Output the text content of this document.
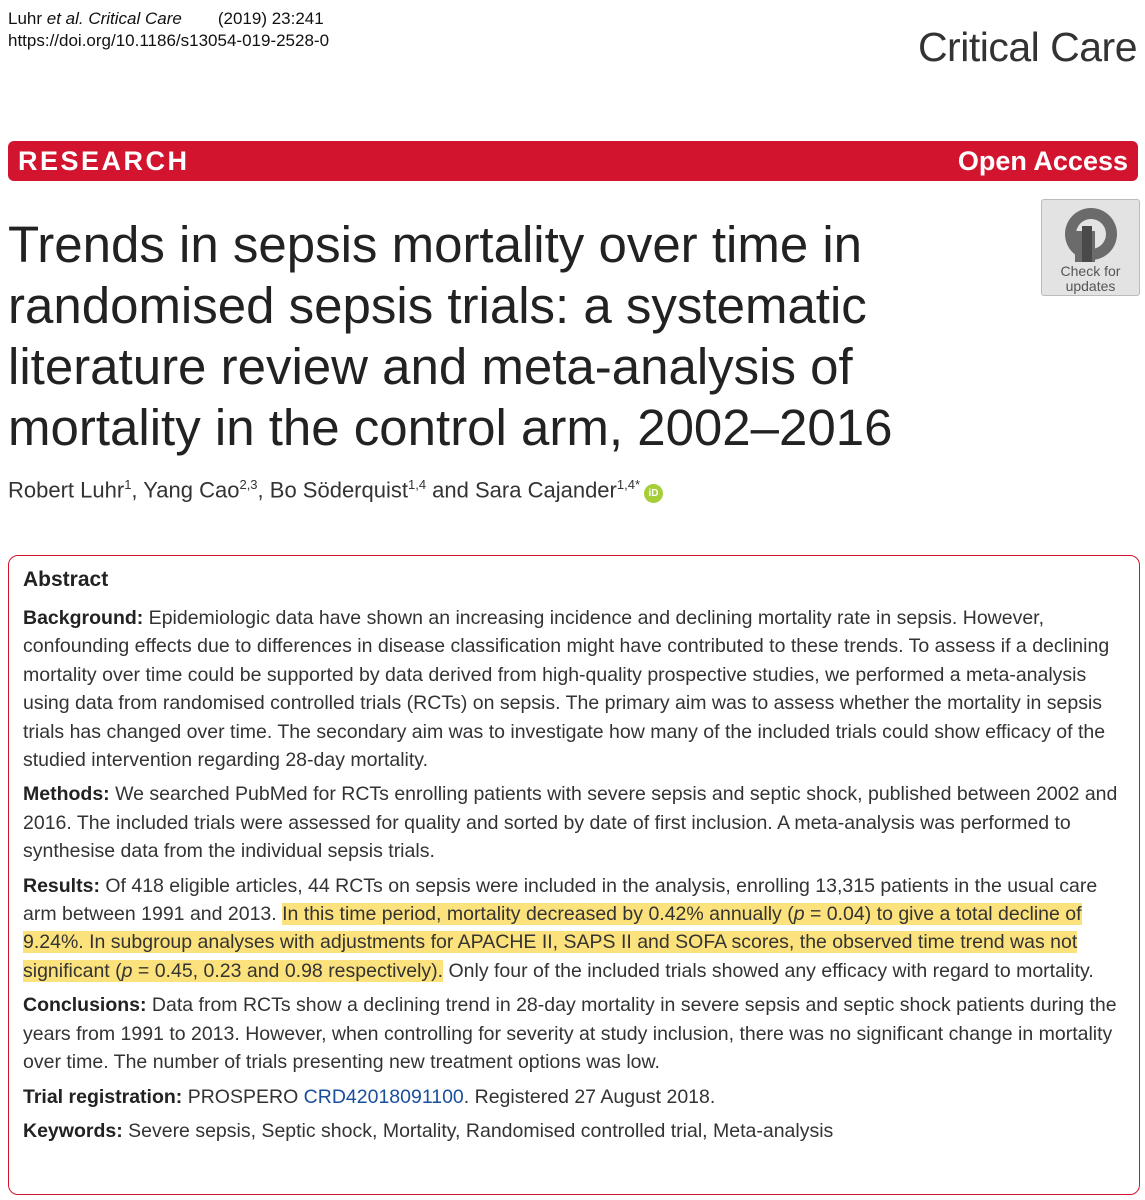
Luhr et al. Critical Care (2019) 23:241
https://doi.org/10.1186/s13054-019-2528-0	Critical Care
RESEARCH	Open Access
Trends in sepsis mortality over time in randomised sepsis trials: a systematic literature review and meta-analysis of mortality in the control arm, 2002–2016
Check for
updates
Robert Luhr$^1$, Yang Cao$^{2,3}$, Bo Söderquist$^{1,4}$ and Sara Cajander$^{1,4*}$iD
Abstract

Background: Epidemiologic data have shown an increasing incidence and declining mortality rate in sepsis. However, confounding effects due to differences in disease classification might have contributed to these trends. To assess if a declining mortality over time could be supported by data derived from high-quality prospective studies, we performed a meta-analysis using data from randomised controlled trials (RCTs) on sepsis. The primary aim was to assess whether the mortality in sepsis trials has changed over time. The secondary aim was to investigate how many of the included trials could show efficacy of the studied intervention regarding 28-day mortality.

Methods: We searched PubMed for RCTs enrolling patients with severe sepsis and septic shock, published between 2002 and 2016. The included trials were assessed for quality and sorted by date of first inclusion. A meta-analysis was performed to synthesise data from the individual sepsis trials.

Results: Of 418 eligible articles, 44 RCTs on sepsis were included in the analysis, enrolling 13,315 patients in the usual care arm between 1991 and 2013. In this time period, mortality decreased by 0.42% annually (p = 0.04) to give a total decline of 9.24%. In subgroup analyses with adjustments for APACHE II, SAPS II and SOFA scores, the observed time trend was not significant (p = 0.45, 0.23 and 0.98 respectively). Only four of the included trials showed any efficacy with regard to mortality.

Conclusions: Data from RCTs show a declining trend in 28-day mortality in severe sepsis and septic shock patients during the years from 1991 to 2013. However, when controlling for severity at study inclusion, there was no significant change in mortality over time. The number of trials presenting new treatment options was low.

Trial registration: PROSPERO CRD42018091100. Registered 27 August 2018.

Keywords: Severe sepsis, Septic shock, Mortality, Randomised controlled trial, Meta-analysis
